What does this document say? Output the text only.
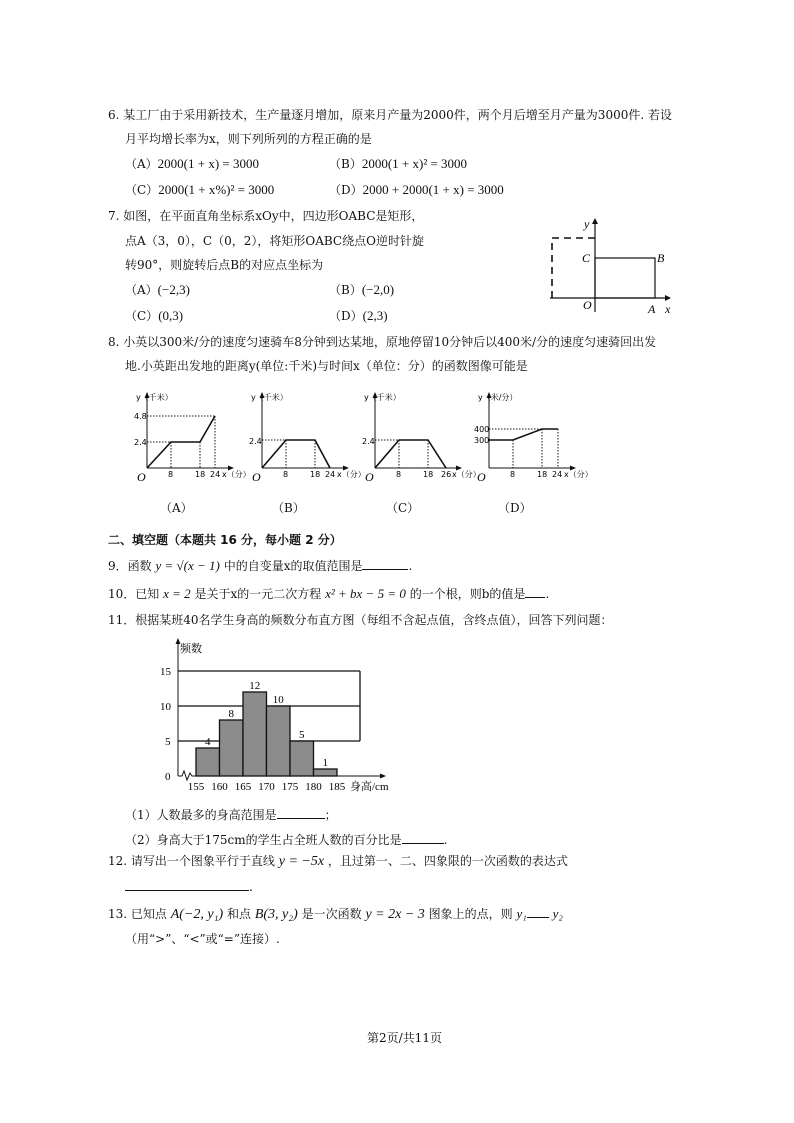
6. 某工厂由于采用新技术，生产量逐月增加，原来月产量为2000件，两个月后增至月产量为3000件. 若设
月平均增长率为x，则下列所列的方程正确的是
（A）2000(1 + x) = 3000	（B）2000(1 + x)² = 3000
（C）2000(1 + x%)² = 3000	（D）2000 + 2000(1 + x) = 3000
7. 如图，在平面直角坐标系xOy中，四边形OABC是矩形，
点A（3，0），C（0，2），将矩形OABC绕点O逆时针旋
转90°，则旋转后点B的对应点坐标为
（A）(−2,3)	（B）(−2,0)
（C）(0,3)	（D）(2,3)
y
C	B
O	A x
8. 小英以300米/分的速度匀速骑车8分钟到达某地，原地停留10分钟后以400米/分的速度匀速骑回出发
地.小英距出发地的距离y(单位:千米)与时间x（单位：分）的函数图像可能是
y（千米）
4.8
2.4
8	18 24 x（分）
O
（A）
y（千米）
2.4
8	18 24 x（分）
O
（B）
y（千米）
2.4
8	18 26 x（分）
O
（C）
y（米/分）
400
300
8	18 24 x（分）
O
（D）
二、填空题（本题共 16 分，每小题 2 分）
9．函数 y = √(x − 1) 中的自变量x的取值范围是	.
10．已知 x = 2 是关于x的一元二次方程 x² + bx − 5 = 0 的一个根，则b的值是 .
11．根据某班40名学生身高的频数分布直方图（每组不含起点值，含终点值），回答下列问题：
频数
0
5
10
15
4
8
12
10
5
1
155 160 165 170 175 180 185 身高/cm
（1）人数最多的身高范围是	；
（2）身高大于175cm的学生占全班人数的百分比是	.
12. 请写出一个图象平行于直线 y = −5x ，且过第一、二、四象限的一次函数的表达式
.
13. 已知点 A(−2, y₁) 和点 B(3, y₂) 是一次函数 y = 2x − 3 图象上的点，则 y₁ y₂
（用“>”、“<”或“=”连接）.
第2页/共11页
